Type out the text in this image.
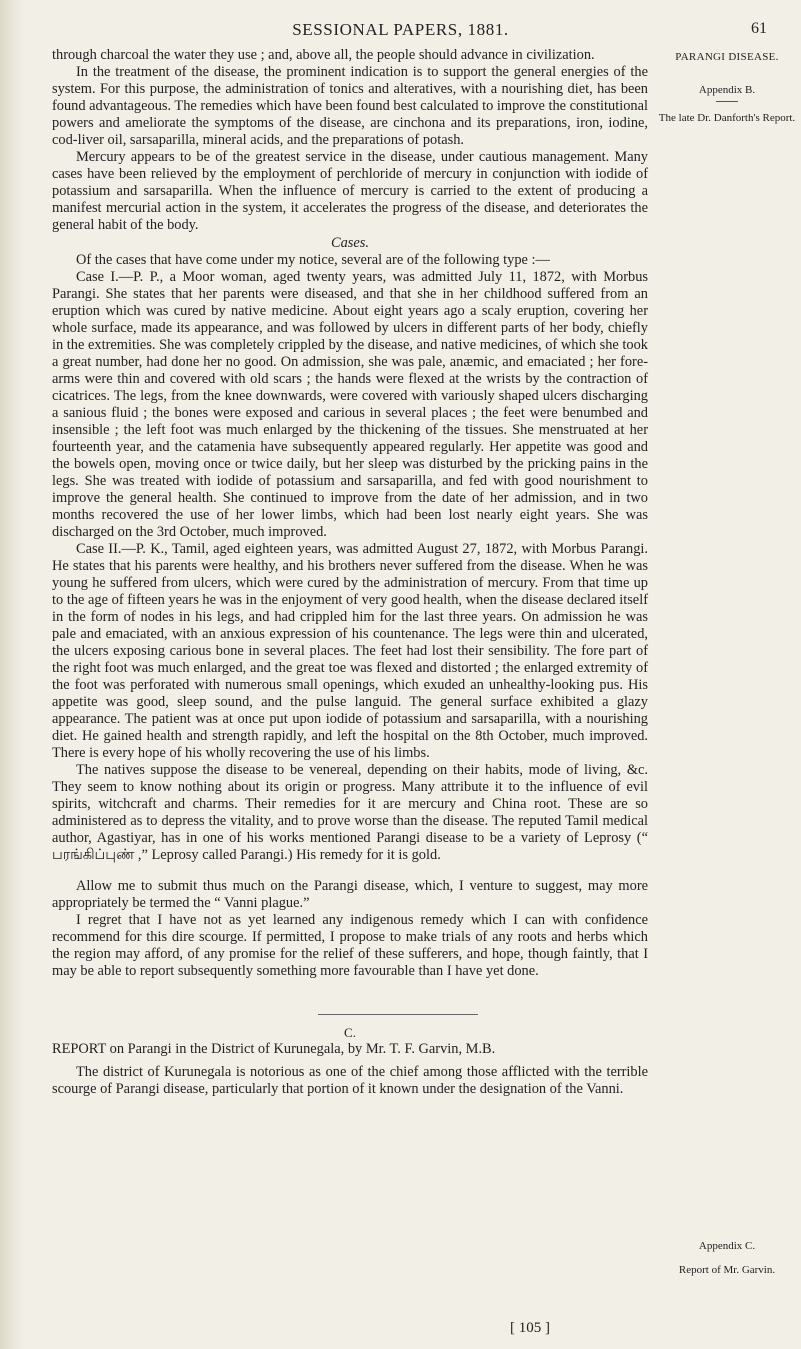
SESSIONAL PAPERS, 1881.	61

through charcoal the water they use ; and, above all, the people should advance in civilization.

In the treatment of the disease, the prominent indication is to support the general energies of the system. For this purpose, the administration of tonics and alteratives, with a nourishing diet, has been found advantageous. The remedies which have been found best calculated to improve the constitutional powers and ameliorate the symptoms of the disease, are cinchona and its preparations, iron, iodine, cod-liver oil, sarsaparilla, mineral acids, and the preparations of potash.

Mercury appears to be of the greatest service in the disease, under cautious management. Many cases have been relieved by the employment of perchloride of mercury in conjunction with iodide of potassium and sarsaparilla. When the influence of mercury is carried to the extent of producing a manifest mercurial action in the system, it accelerates the progress of the disease, and deteriorates the general habit of the body.

Cases.

Of the cases that have come under my notice, several are of the following type :—

Case I.—P. P., a Moor woman, aged twenty years, was admitted July 11, 1872, with Morbus Parangi. She states that her parents were diseased, and that she in her childhood suffered from an eruption which was cured by native medicine. About eight years ago a scaly eruption, covering her whole surface, made its appearance, and was followed by ulcers in different parts of her body, chiefly in the extremities. She was completely crippled by the disease, and native medicines, of which she took a great number, had done her no good. On admission, she was pale, anæmic, and emaciated ; her fore-arms were thin and covered with old scars ; the hands were flexed at the wrists by the contraction of cicatrices. The legs, from the knee downwards, were covered with variously shaped ulcers discharging a sanious fluid ; the bones were exposed and carious in several places ; the feet were benumbed and insensible ; the left foot was much enlarged by the thickening of the tissues. She menstruated at her fourteenth year, and the catamenia have subsequently appeared regularly. Her appetite was good and the bowels open, moving once or twice daily, but her sleep was disturbed by the pricking pains in the legs. She was treated with iodide of potassium and sarsaparilla, and fed with good nourishment to improve the general health. She continued to improve from the date of her admission, and in two months recovered the use of her lower limbs, which had been lost nearly eight years. She was discharged on the 3rd October, much improved.

Case II.—P. K., Tamil, aged eighteen years, was admitted August 27, 1872, with Morbus Parangi. He states that his parents were healthy, and his brothers never suffered from the disease. When he was young he suffered from ulcers, which were cured by the administration of mercury. From that time up to the age of fifteen years he was in the enjoyment of very good health, when the disease declared itself in the form of nodes in his legs, and had crippled him for the last three years. On admission he was pale and emaciated, with an anxious expression of his countenance. The legs were thin and ulcerated, the ulcers exposing carious bone in several places. The feet had lost their sensibility. The fore part of the right foot was much enlarged, and the great toe was flexed and distorted ; the enlarged extremity of the foot was perforated with numerous small openings, which exuded an unhealthy-looking pus. His appetite was good, sleep sound, and the pulse languid. The general surface exhibited a glazy appearance. The patient was at once put upon iodide of potassium and sarsaparilla, with a nourishing diet. He gained health and strength rapidly, and left the hospital on the 8th October, much improved. There is every hope of his wholly recovering the use of his limbs.

The natives suppose the disease to be venereal, depending on their habits, mode of living, &c. They seem to know nothing about its origin or progress. Many attribute it to the influence of evil spirits, witchcraft and charms. Their remedies for it are mercury and China root. These are so administered as to depress the vitality, and to prove worse than the disease. The reputed Tamil medical author, Agastiyar, has in one of his works mentioned Parangi disease to be a variety of Leprosy (“ பரங்கிப்புண் ,” Leprosy called Parangi.) His remedy for it is gold.

Allow me to submit thus much on the Parangi disease, which, I venture to suggest, may more appropriately be termed the “ Vanni plague.”

I regret that I have not as yet learned any indigenous remedy which I can with confidence recommend for this dire scourge. If permitted, I propose to make trials of any roots and herbs which the region may afford, of any promise for the relief of these sufferers, and hope, though faintly, that I may be able to report subsequently something more favourable than I have yet done.

C.

REPORT on Parangi in the District of Kurunegala, by Mr. T. F. Garvin, M.B.

The district of Kurunegala is notorious as one of the chief among those afflicted with the terrible scourge of Parangi disease, particularly that portion of it known under the designation of the Vanni.

PARANGI DISEASE.
Appendix B.
The late Dr. Danforth's Report.
Appendix C.
Report of Mr. Garvin.
[ 105 ]
